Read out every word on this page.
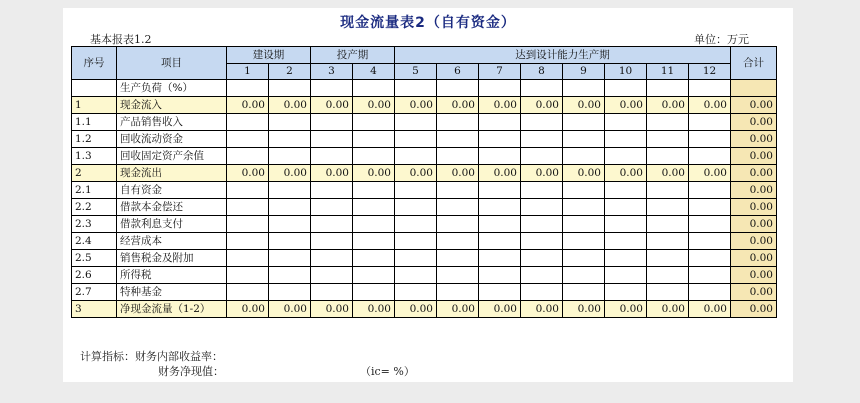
现金流量表2（自有资金）
基本报表1.2	单位：万元
序号	项目	建设期		投产期		达到设计能力生产期								合计
		1	2	3	4	5	6	7	8	9	10	11	12	
	生产负荷（%）													
1	现金流入	0.00	0.00	0.00	0.00	0.00	0.00	0.00	0.00	0.00	0.00	0.00	0.00	0.00
1.1	产品销售收入													0.00
1.2	回收流动资金													0.00
1.3	回收固定资产余值													0.00
2	现金流出	0.00	0.00	0.00	0.00	0.00	0.00	0.00	0.00	0.00	0.00	0.00	0.00	0.00
2.1	自有资金													0.00
2.2	借款本金偿还													0.00
2.3	借款利息支付													0.00
2.4	经营成本													0.00
2.5	销售税金及附加													0.00
2.6	所得税													0.00
2.7	特种基金													0.00
3	净现金流量（1-2）	0.00	0.00	0.00	0.00	0.00	0.00	0.00	0.00	0.00	0.00	0.00	0.00	0.00
计算指标：财务内部收益率：
财务净现值：	（ic= %）
